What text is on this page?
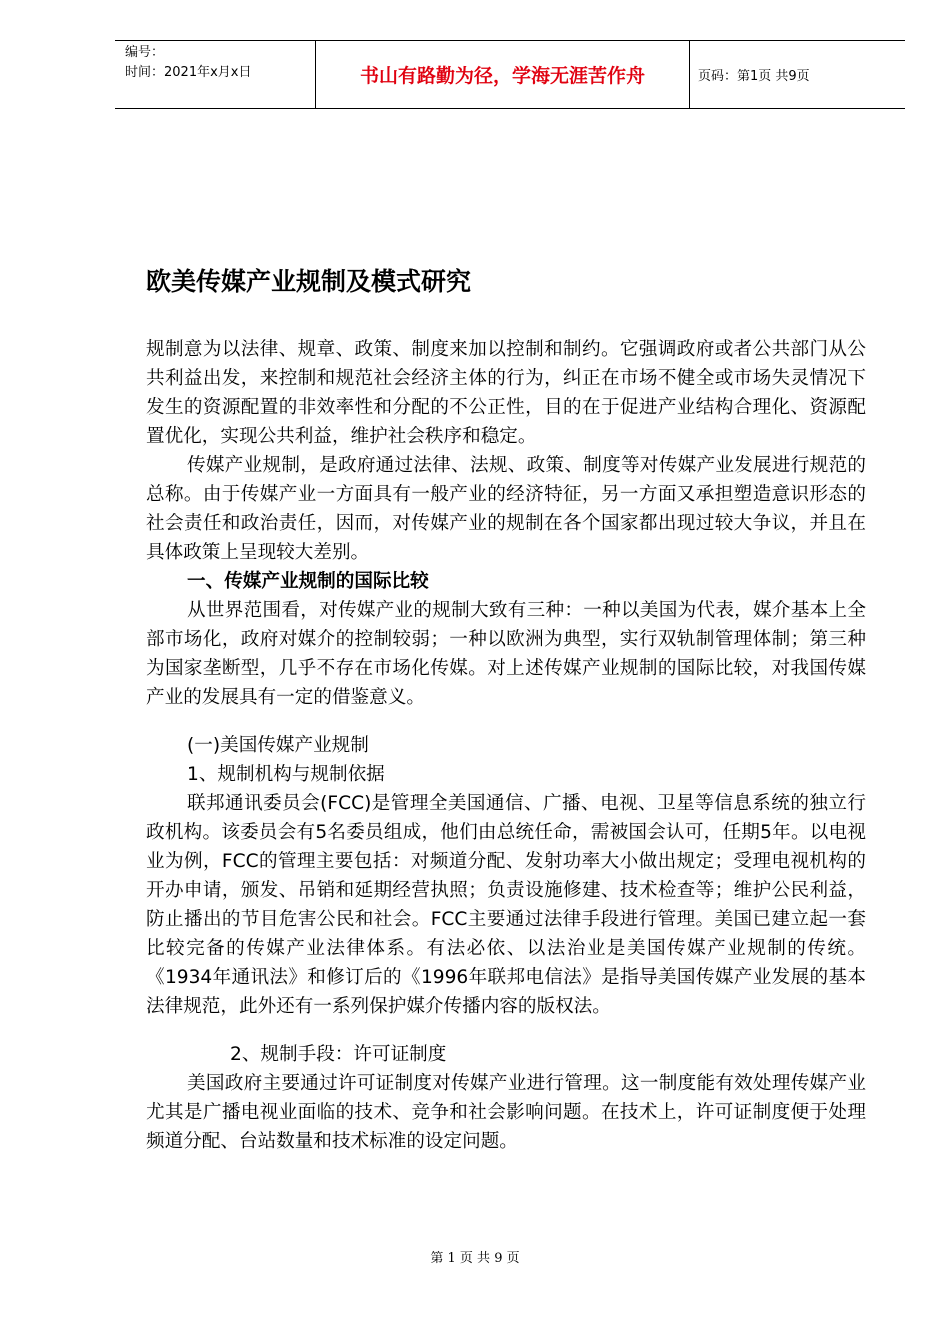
编号：
时间：2021年x月x日	书山有路勤为径，学海无涯苦作舟	页码：第1页 共9页
欧美传媒产业规制及模式研究

规制意为以法律、规章、政策、制度来加以控制和制约。它强调政府或者公共部门从公共利益出发，来控制和规范社会经济主体的行为，纠正在市场不健全或市场失灵情况下发生的资源配置的非效率性和分配的不公正性，目的在于促进产业结构合理化、资源配置优化，实现公共利益，维护社会秩序和稳定。

传媒产业规制，是政府通过法律、法规、政策、制度等对传媒产业发展进行规范的总称。由于传媒产业一方面具有一般产业的经济特征，另一方面又承担塑造意识形态的社会责任和政治责任，因而，对传媒产业的规制在各个国家都出现过较大争议，并且在具体政策上呈现较大差别。

一、传媒产业规制的国际比较

从世界范围看，对传媒产业的规制大致有三种：一种以美国为代表，媒介基本上全部市场化，政府对媒介的控制较弱；一种以欧洲为典型，实行双轨制管理体制；第三种为国家垄断型，几乎不存在市场化传媒。对上述传媒产业规制的国际比较，对我国传媒产业的发展具有一定的借鉴意义。

(一)美国传媒产业规制

1、规制机构与规制依据

联邦通讯委员会(FCC)是管理全美国通信、广播、电视、卫星等信息系统的独立行政机构。该委员会有5名委员组成，他们由总统任命，需被国会认可，任期5年。以电视业为例，FCC的管理主要包括：对频道分配、发射功率大小做出规定；受理电视机构的开办申请，颁发、吊销和延期经营执照；负责设施修建、技术检查等；维护公民利益，防止播出的节目危害公民和社会。FCC主要通过法律手段进行管理。美国已建立起一套比较完备的传媒产业法律体系。有法必依、以法治业是美国传媒产业规制的传统。《1934年通讯法》和修订后的《1996年联邦电信法》是指导美国传媒产业发展的基本法律规范，此外还有一系列保护媒介传播内容的版权法。

2、规制手段：许可证制度

美国政府主要通过许可证制度对传媒产业进行管理。这一制度能有效处理传媒产业尤其是广播电视业面临的技术、竞争和社会影响问题。在技术上，许可证制度便于处理频道分配、台站数量和技术标准的设定问题。

第 1 页 共 9 页
